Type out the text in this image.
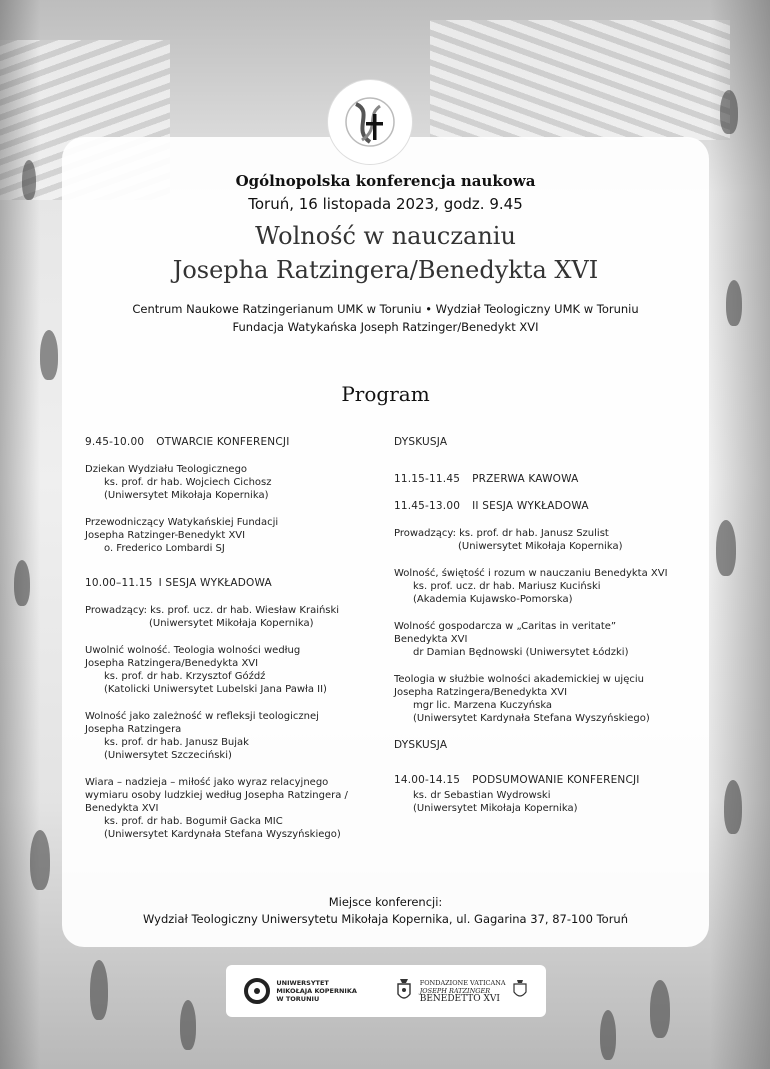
Ogólnopolska konferencja naukowa
Toruń, 16 listopada 2023, godz. 9.45
Wolność w nauczaniu
Josepha Ratzingera/Benedykta XVI
Centrum Naukowe Ratzingerianum UMK w Toruniu • Wydział Teologiczny UMK w Toruniu
Fundacja Watykańska Joseph Ratzinger/Benedykt XVI
Program
9.45-10.00 OTWARCIE KONFERENCJI
Dziekan Wydziału Teologicznego
ks. prof. dr hab. Wojciech Cichosz
(Uniwersytet Mikołaja Kopernika)
Przewodniczący Watykańskiej Fundacji
Josepha Ratzinger-Benedykt XVI
o. Frederico Lombardi SJ
10.00–11.15 I SESJA WYKŁADOWA
Prowadzący: ks. prof. ucz. dr hab. Wiesław Kraiński
(Uniwersytet Mikołaja Kopernika)
Uwolnić wolność. Teologia wolności według
Josepha Ratzingera/Benedykta XVI
ks. prof. dr hab. Krzysztof Góźdź
(Katolicki Uniwersytet Lubelski Jana Pawła II)
Wolność jako zależność w refleksji teologicznej
Josepha Ratzingera
ks. prof. dr hab. Janusz Bujak
(Uniwersytet Szczeciński)
Wiara – nadzieja – miłość jako wyraz relacyjnego
wymiaru osoby ludzkiej według Josepha Ratzingera /
Benedykta XVI
ks. prof. dr hab. Bogumił Gacka MIC
(Uniwersytet Kardynała Stefana Wyszyńskiego)
DYSKUSJA
11.15-11.45 PRZERWA KAWOWA
11.45-13.00 II SESJA WYKŁADOWA
Prowadzący: ks. prof. dr hab. Janusz Szulist
(Uniwersytet Mikołaja Kopernika)
Wolność, świętość i rozum w nauczaniu Benedykta XVI
ks. prof. ucz. dr hab. Mariusz Kuciński
(Akademia Kujawsko-Pomorska)
Wolność gospodarcza w „Caritas in veritate”
Benedykta XVI
dr Damian Będnowski (Uniwersytet Łódzki)
Teologia w służbie wolności akademickiej w ujęciu
Josepha Ratzingera/Benedykta XVI
mgr lic. Marzena Kuczyńska
(Uniwersytet Kardynała Stefana Wyszyńskiego)
DYSKUSJA
14.00-14.15 PODSUMOWANIE KONFERENCJI
ks. dr Sebastian Wydrowski
(Uniwersytet Mikołaja Kopernika)
Miejsce konferencji:
Wydział Teologiczny Uniwersytetu Mikołaja Kopernika, ul. Gagarina 37, 87-100 Toruń
UNIWERSYTET
MIKOŁAJA KOPERNIKA
W TORUNIU
FONDAZIONE VATICANA
JOSEPH RATZINGER
BENEDETTO XVI
